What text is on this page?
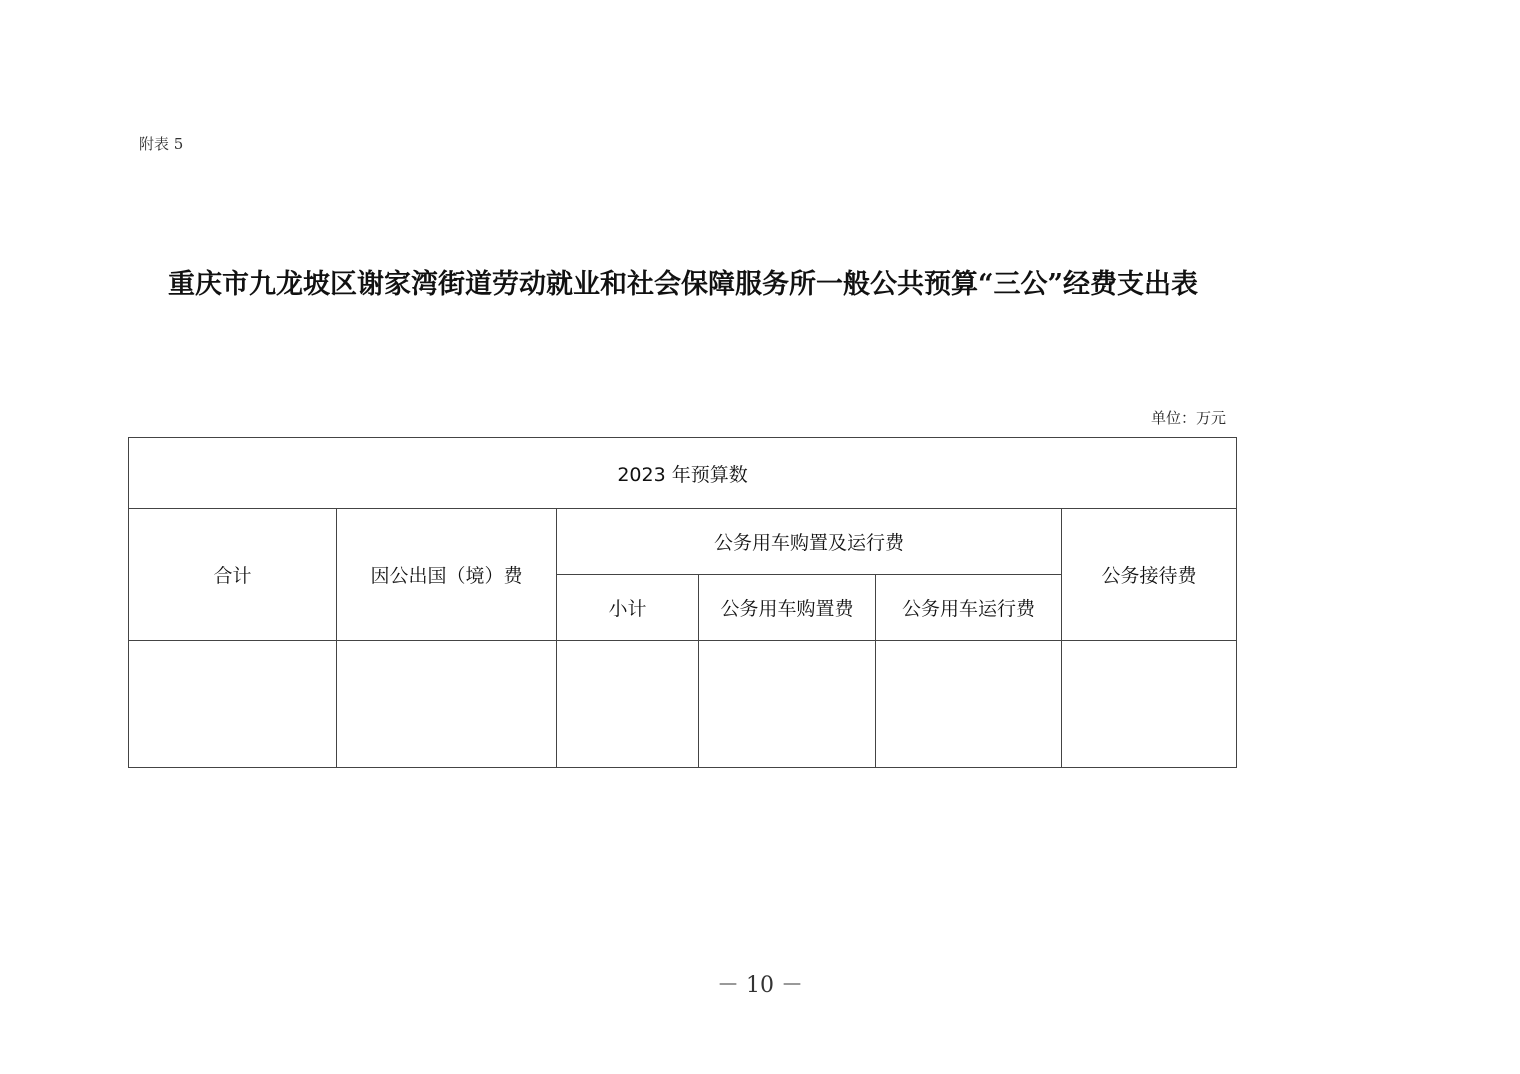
附表 5
重庆市九龙坡区谢家湾街道劳动就业和社会保障服务所一般公共预算“三公”经费支出表
单位：万元
2023 年预算数					
合计	因公出国（境）费	公务用车购置及运行费			公务接待费
		小计	公务用车购置费	公务用车运行费	

－ 10 －
